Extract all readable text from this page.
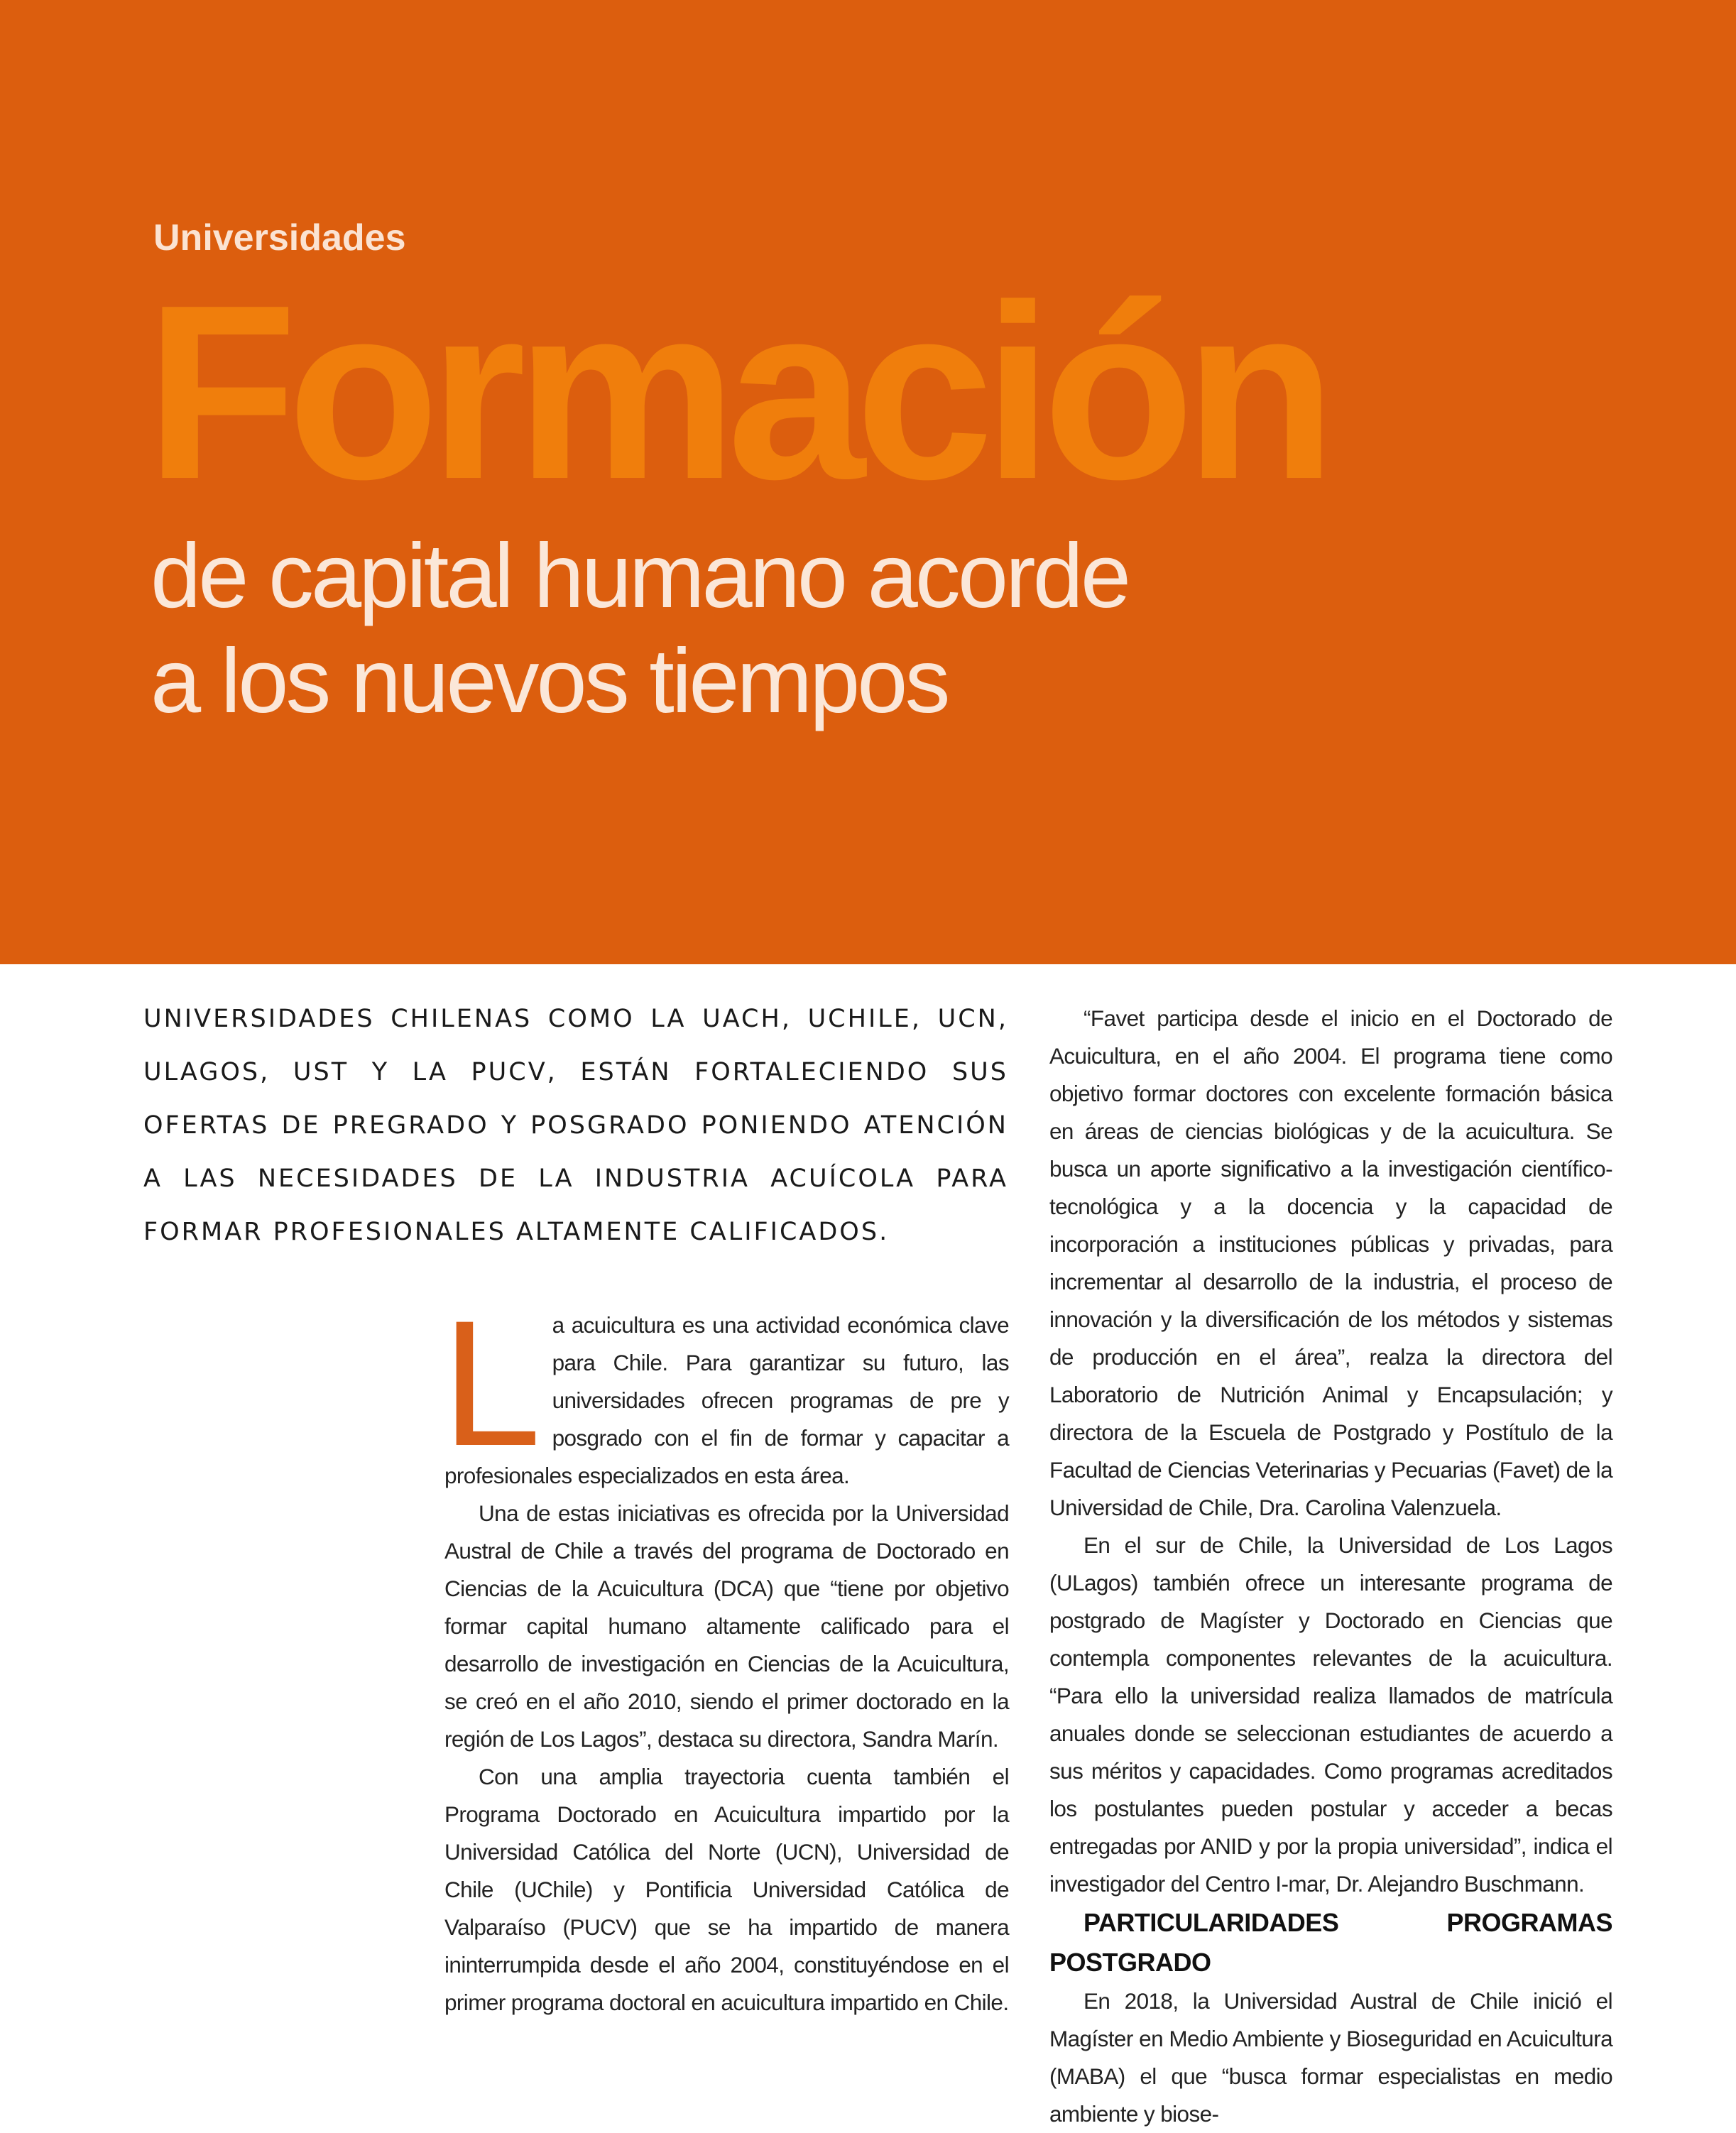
Universidades
Formación
de capital humano acorde
a los nuevos tiempos

UNIVERSIDADES CHILENAS COMO LA UACH, UCHILE, UCN, ULAGOS, UST Y LA PUCV, ESTÁN FORTALECIENDO SUS OFERTAS DE PREGRADO Y POSGRADO PONIENDO ATENCIÓN A LAS NECESIDADES DE LA INDUSTRIA ACUÍCOLA PARA FORMAR PROFESIONALES ALTAMENTE CALIFICADOS.

La acuicultura es una actividad económica clave para Chile. Para garantizar su futuro, las universidades ofrecen programas de pre y posgrado con el fin de formar y capacitar a profesionales especializados en esta área.

Una de estas iniciativas es ofrecida por la Universidad Austral de Chile a través del programa de Doctorado en Ciencias de la Acuicultura (DCA) que “tiene por objetivo formar capital humano altamente calificado para el desarrollo de investigación en Ciencias de la Acuicultura, se creó en el año 2010, siendo el primer doctorado en la región de Los Lagos”, destaca su directora, Sandra Marín.

Con una amplia trayectoria cuenta también el Programa Doctorado en Acuicultura impartido por la Universidad Católica del Norte (UCN), Universidad de Chile (UChile) y Pontificia Universidad Católica de Valparaíso (PUCV) que se ha impartido de manera ininterrumpida desde el año 2004, constituyéndose en el primer programa doctoral en acuicultura impartido en Chile.

“Favet participa desde el inicio en el Doctorado de Acuicultura, en el año 2004. El programa tiene como objetivo formar doctores con excelente formación básica en áreas de ciencias biológicas y de la acuicultura. Se busca un aporte significativo a la investigación científico-tecnológica y a la docencia y la capacidad de incorporación a instituciones públicas y privadas, para incrementar al desarrollo de la industria, el proceso de innovación y la diversificación de los métodos y sistemas de producción en el área”, realza la directora del Laboratorio de Nutrición Animal y Encapsulación; y directora de la Escuela de Postgrado y Postítulo de la Facultad de Ciencias Veterinarias y Pecuarias (Favet) de la Universidad de Chile, Dra. Carolina Valenzuela.

En el sur de Chile, la Universidad de Los Lagos (ULagos) también ofrece un interesante programa de postgrado de Magíster y Doctorado en Ciencias que contempla componentes relevantes de la acuicultura. “Para ello la universidad realiza llamados de matrícula anuales donde se seleccionan estudiantes de acuerdo a sus méritos y capacidades. Como programas acreditados los postulantes pueden postular y acceder a becas entregadas por ANID y por la propia universidad”, indica el investigador del Centro I-mar, Dr. Alejandro Buschmann.

PARTICULARIDADES PROGRAMAS POSTGRADO

En 2018, la Universidad Austral de Chile inició el Magíster en Medio Ambiente y Bioseguridad en Acuicultura (MABA) el que “busca formar especialistas en medio ambiente y biose-
